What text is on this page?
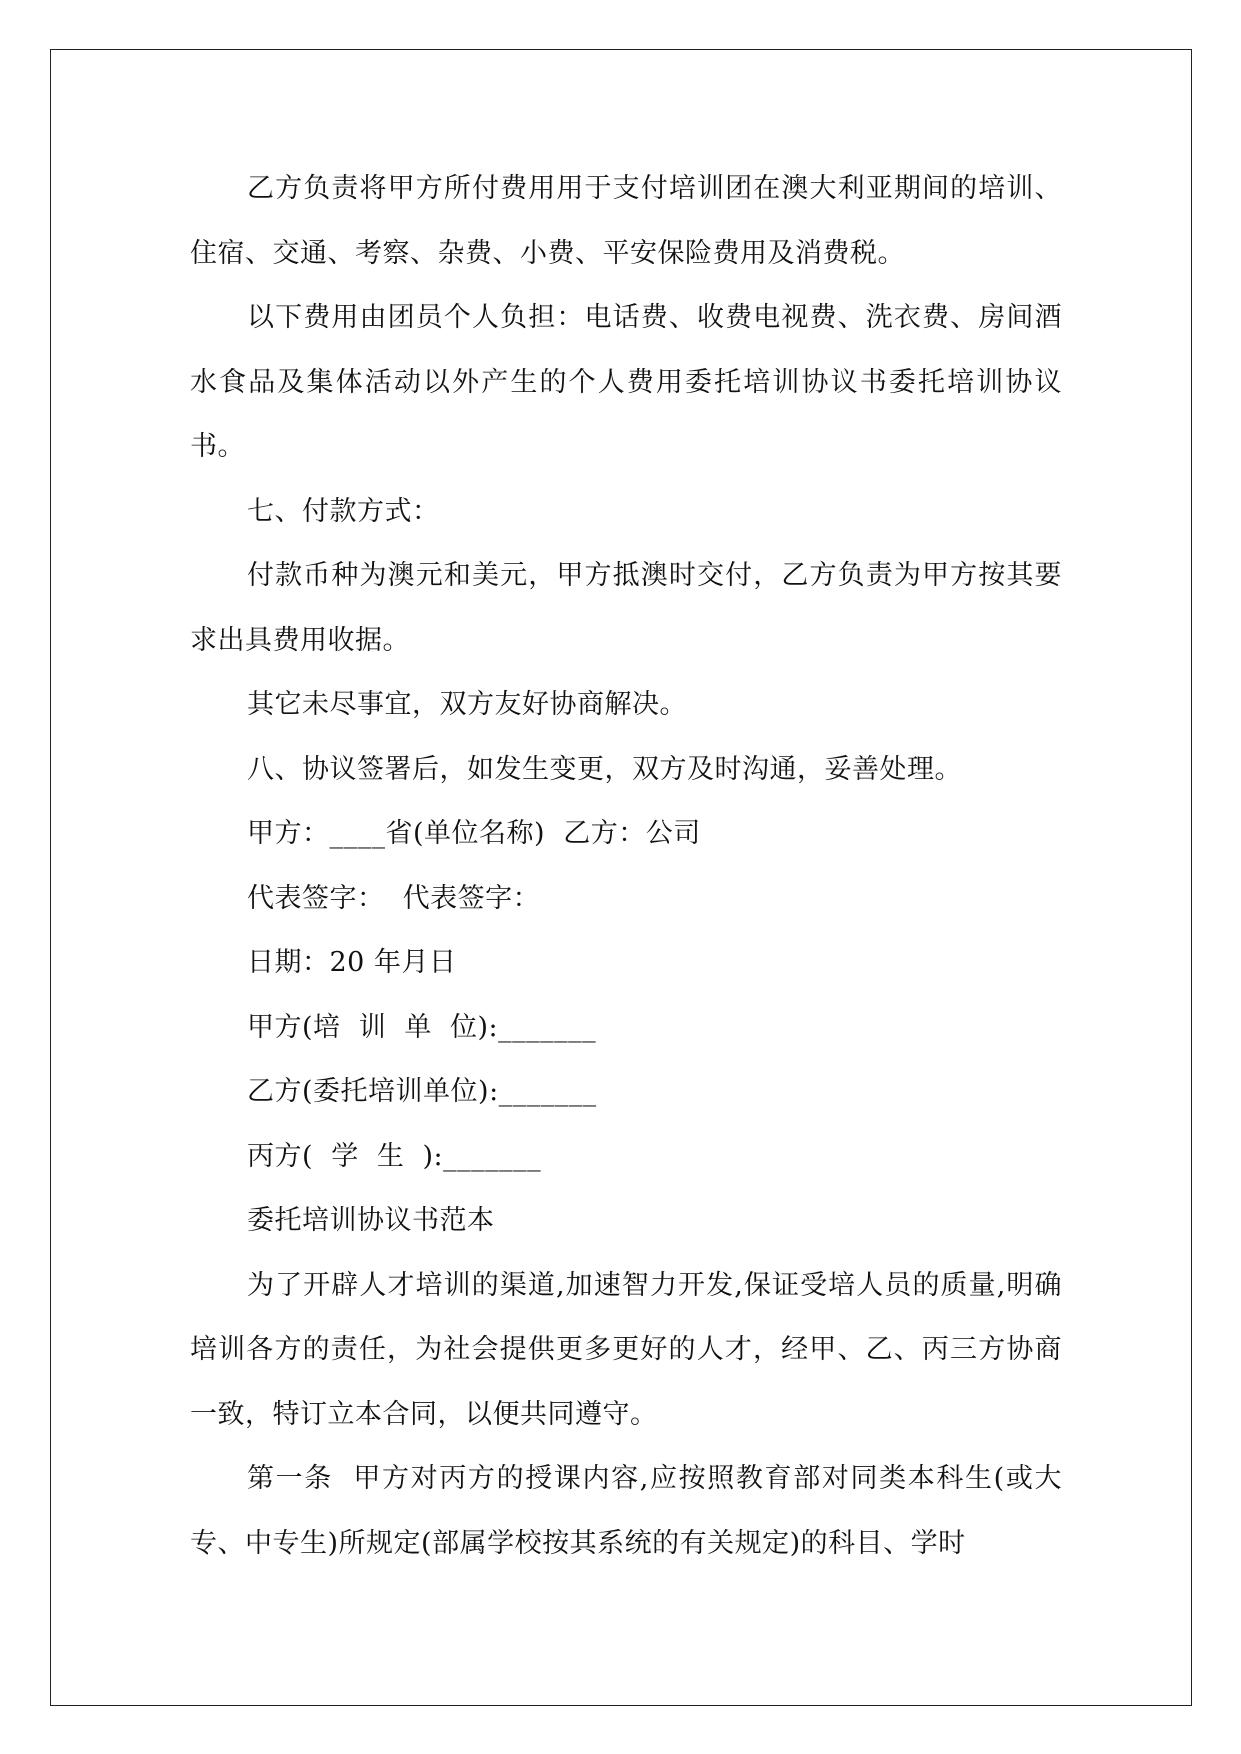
乙方负责将甲方所付费用用于支付培训团在澳大利亚期间的培训、住宿、交通、考察、杂费、小费、平安保险费用及消费税。

以下费用由团员个人负担：电话费、收费电视费、洗衣费、房间酒水食品及集体活动以外产生的个人费用委托培训协议书委托培训协议书。

七、付款方式：

付款币种为澳元和美元，甲方抵澳时交付，乙方负责为甲方按其要求出具费用收据。

其它未尽事宜，双方友好协商解决。

八、协议签署后，如发生变更，双方及时沟通，妥善处理。

甲方：____省(单位名称)  乙方：公司

代表签字：  代表签字：

日期：20 年月日

甲方(培  训  单  位):_______

乙方(委托培训单位):_______

丙方(  学  生  ):_______

委托培训协议书范本

为了开辟人才培训的渠道,加速智力开发,保证受培人员的质量,明确培训各方的责任，为社会提供更多更好的人才，经甲、乙、丙三方协商一致，特订立本合同，以便共同遵守。

第一条  甲方对丙方的授课内容,应按照教育部对同类本科生(或大专、中专生)所规定(部属学校按其系统的有关规定)的科目、学时
